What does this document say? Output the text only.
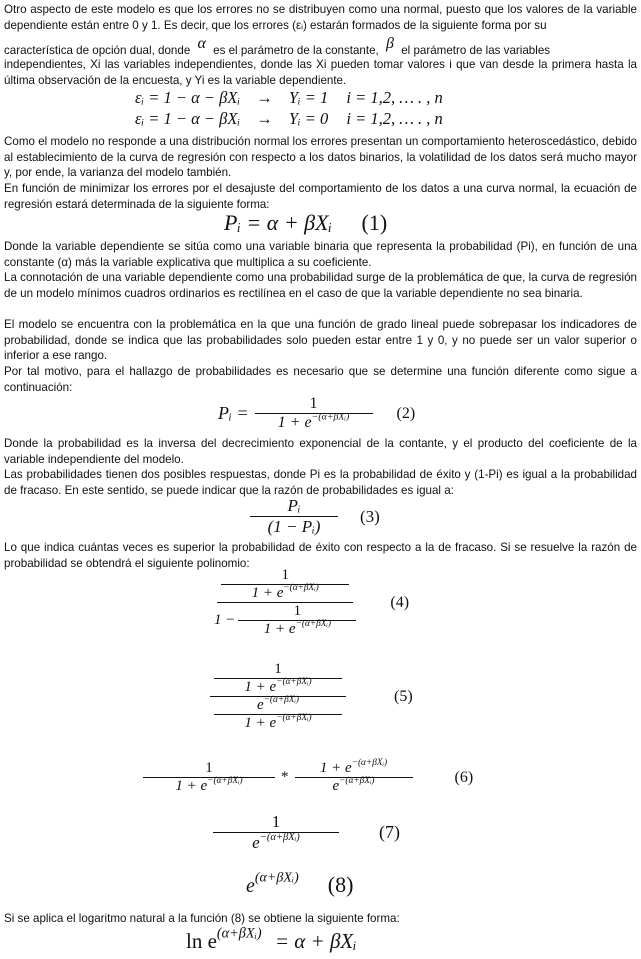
Otro aspecto de este modelo es que los errores no se distribuyen como una normal, puesto que los valores de la variable dependiente están entre 0 y 1. Es decir, que los errores (εᵢ) estarán formados de la siguiente forma por su

característica de opción dual, donde α es el parámetro de la constante, β el parámetro de las variables

independientes, Xi las variables independientes, donde las Xi pueden tomar valores i que van desde la primera hasta la última observación de la encuesta, y Yi es la variable dependiente.

εᵢ = 1 − α − βXᵢ → Yᵢ = 1 i = 1,2, … . , n
εᵢ = 1 − α − βXᵢ → Yᵢ = 0 i = 1,2, … . , n

Como el modelo no responde a una distribución normal los errores presentan un comportamiento heteroscedástico, debido al establecimiento de la curva de regresión con respecto a los datos binarios, la volatilidad de los datos será mucho mayor y, por ende, la varianza del modelo también.

En función de minimizar los errores por el desajuste del comportamiento de los datos a una curva normal, la ecuación de regresión estará determinada de la siguiente forma:

Pᵢ = α + βXᵢ (1)

Donde la variable dependiente se sitúa como una variable binaria que representa la probabilidad (Pi), en función de una constante (α) más la variable explicativa que multiplica a su coeficiente.

La connotación de una variable dependiente como una probabilidad surge de la problemática de que, la curva de regresión de un modelo mínimos cuadros ordinarios es rectilínea en el caso de que la variable dependiente no sea binaria.

El modelo se encuentra con la problemática en la que una función de grado lineal puede sobrepasar los indicadores de probabilidad, donde se indica que las probabilidades solo pueden estar entre 1 y 0, y no puede ser un valor superior o inferior a ese rango.

Por tal motivo, para el hallazgo de probabilidades es necesario que se determine una función diferente como sigue a continuación:

Pᵢ = $\frac{1}{1 + e^{-(\alpha+\beta Xᵢ)}}$	(2)

Donde la probabilidad es la inversa del decrecimiento exponencial de la contante, y el producto del coeficiente de la variable independiente del modelo.

Las probabilidades tienen dos posibles respuestas, donde Pi es la probabilidad de éxito y (1-Pi) es igual a la probabilidad de fracaso. En este sentido, se puede indicar que la razón de probabilidades es igual a:

$\frac{\text{Pᵢ}}{\text{(1 − Pᵢ)}}$	(3)

Lo que indica cuántas veces es superior la probabilidad de éxito con respecto a la de fracaso. Si se resuelve la razón de probabilidad se obtendrá el siguiente polinomio:

$\frac{\frac{1}{1 + e^{-(\alpha+\beta Xᵢ)}}}{1 - \frac{1}{1 + e^{-(\alpha+\beta Xᵢ)}}}$	(4)
$\frac{\frac{1}{1 + e^{-(\alpha+\beta Xᵢ)}}}{\frac{e^{-(\alpha+\beta Xᵢ)}}{1 + e^{-(\alpha+\beta Xᵢ)}}}$	(5)
$\frac{1}{1 + e^{-(\alpha+\beta Xᵢ)}} * \frac{1 + e^{-(\alpha+\beta Xᵢ)}}{e^{-(\alpha+\beta Xᵢ)}}$	(6)
$\frac{1}{e^{-(\alpha+\beta Xᵢ)}}$	(7)
$e^{(\alpha+\beta Xᵢ)}$ (8)

Si se aplica el logaritmo natural a la función (8) se obtiene la siguiente forma:

$\ln e^{(\alpha+\beta Xᵢ)} = \alpha$ + βXᵢ
